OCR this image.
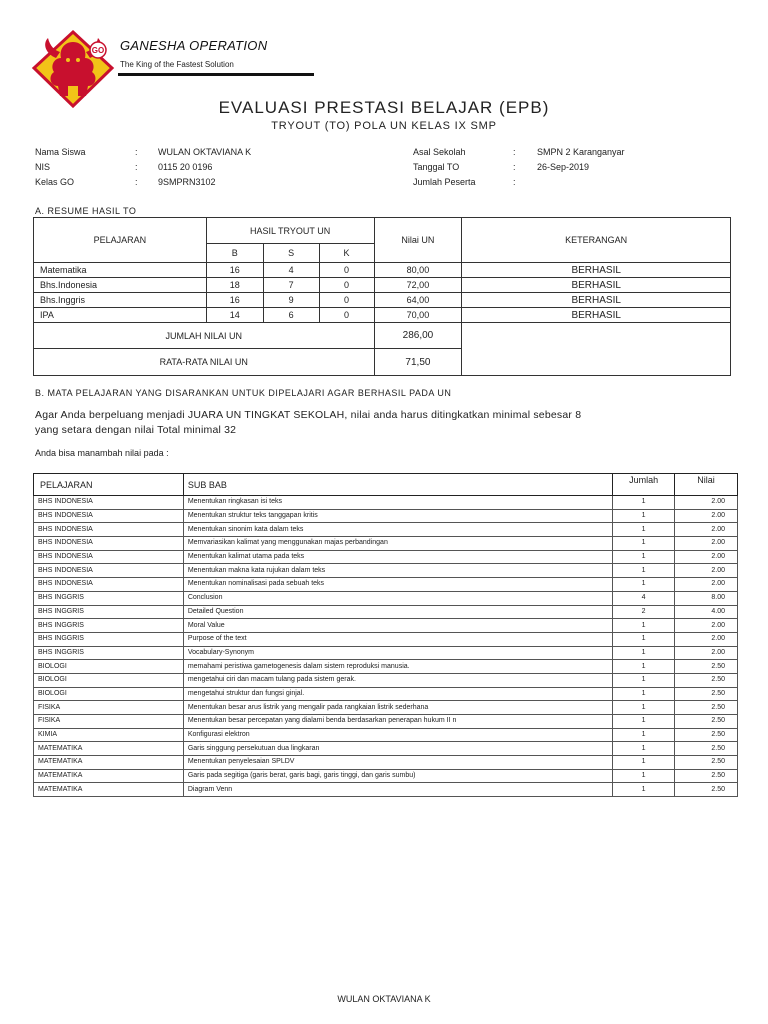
GO GANESHA OPERATION
The King of the Fastest Solution
EVALUASI PRESTASI BELAJAR (EPB)
TRYOUT (TO) POLA UN KELAS IX SMP
Nama Siswa	: WULAN OKTAVIANA K
NIS	: 0115 20 0196
Kelas GO	: 9SMPRN3102
Asal Sekolah	: SMPN 2 Karanganyar
Tanggal TO	: 26-Sep-2019
Jumlah Peserta	:
A. RESUME HASIL TO
PELAJARAN	HASIL TRYOUT UN			Nilai UN	KETERANGAN
	B	S	K		
Matematika	16	4	0	80,00	BERHASIL
Bhs.Indonesia	18	7	0	72,00	BERHASIL
Bhs.Inggris	16	9	0	64,00	BERHASIL
IPA	14	6	0	70,00	BERHASIL
JUMLAH NILAI UN				286,00	
RATA-RATA NILAI UN				71,50	
B. MATA PELAJARAN YANG DISARANKAN UNTUK DIPELAJARI AGAR BERHASIL PADA UN
Agar Anda berpeluang menjadi JUARA UN TINGKAT SEKOLAH, nilai anda harus ditingkatkan minimal sebesar 8
yang setara dengan nilai Total minimal 32
Anda bisa manambah nilai pada :
PELAJARAN	SUB BAB	Jumlah	Nilai
BHS INDONESIA	Menentukan ringkasan isi teks	1	2.00
BHS INDONESIA	Menentukan struktur teks tanggapan kritis	1	2.00
BHS INDONESIA	Menentukan sinonim kata dalam teks	1	2.00
BHS INDONESIA	Memvariasikan kalimat yang menggunakan majas perbandingan	1	2.00
BHS INDONESIA	Menentukan kalimat utama pada teks	1	2.00
BHS INDONESIA	Menentukan makna kata rujukan dalam teks	1	2.00
BHS INDONESIA	Menentukan nominalisasi pada sebuah teks	1	2.00
BHS INGGRIS	Conclusion	4	8.00
BHS INGGRIS	Detailed Question	2	4.00
BHS INGGRIS	Moral Value	1	2.00
BHS INGGRIS	Purpose of the text	1	2.00
BHS INGGRIS	Vocabulary-Synonym	1	2.00
BIOLOGI	memahami peristiwa gametogenesis dalam sistem reproduksi manusia.	1	2.50
BIOLOGI	mengetahui ciri dan macam tulang pada sistem gerak.	1	2.50
BIOLOGI	mengetahui struktur dan fungsi ginjal.	1	2.50
FISIKA	Menentukan besar arus listrik yang mengalir pada rangkaian listrik sederhana	1	2.50
FISIKA	Menentukan besar percepatan yang dialami benda berdasarkan penerapan hukum II n	1	2.50
KIMIA	Konfigurasi elektron	1	2.50
MATEMATIKA	Garis singgung persekutuan dua lingkaran	1	2.50
MATEMATIKA	Menentukan penyelesaian SPLDV	1	2.50
MATEMATIKA	Garis pada segitiga (garis berat, garis bagi, garis tinggi, dan garis sumbu)	1	2.50
MATEMATIKA	Diagram Venn	1	2.50
WULAN OKTAVIANA K
